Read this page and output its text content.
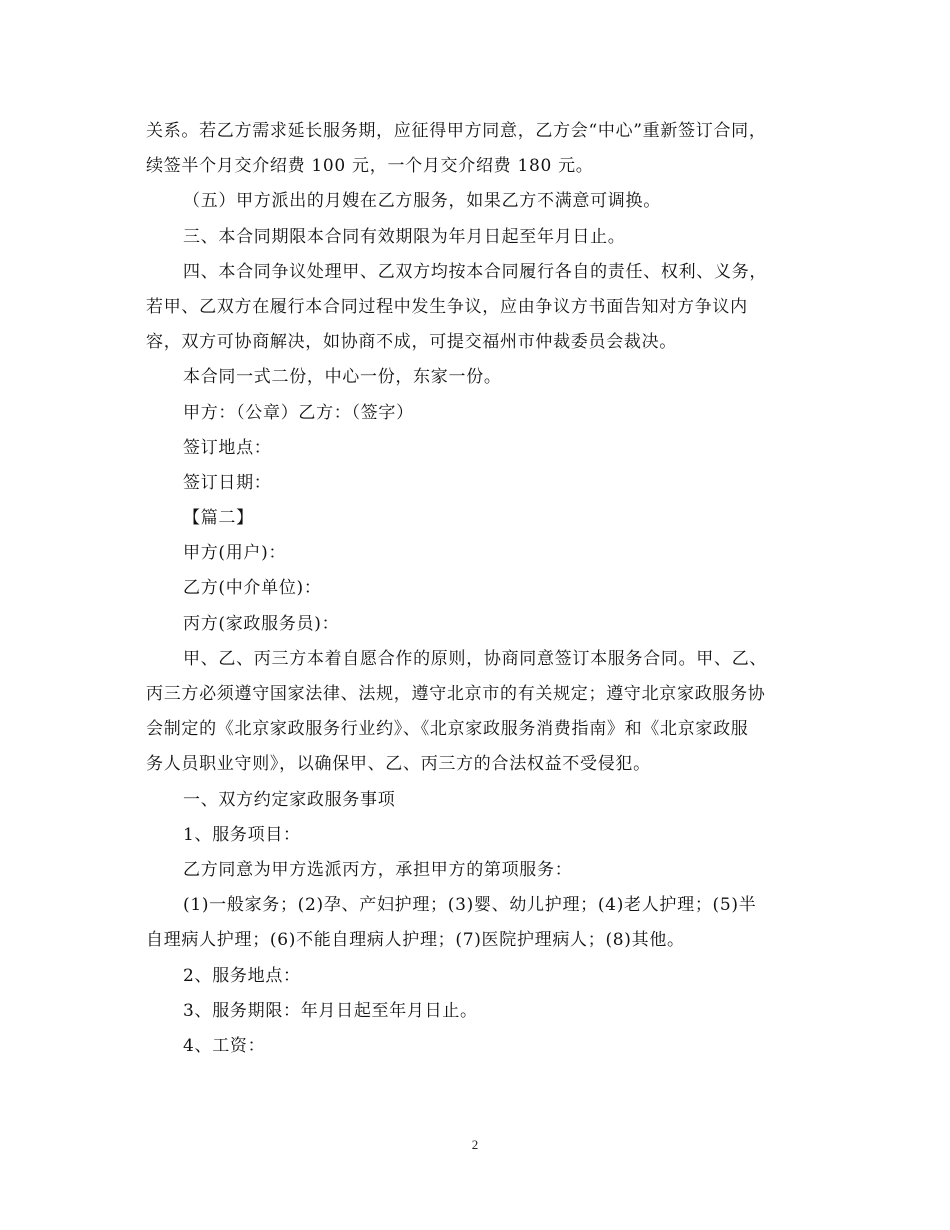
关系。若乙方需求延长服务期，应征得甲方同意，乙方会“中心”重新签订合同，
续签半个月交介绍费 100 元，一个月交介绍费 180 元。
（五）甲方派出的月嫂在乙方服务，如果乙方不满意可调换。
三、本合同期限本合同有效期限为年月日起至年月日止。
四、本合同争议处理甲、乙双方均按本合同履行各自的责任、权利、义务，
若甲、乙双方在履行本合同过程中发生争议，应由争议方书面告知对方争议内
容，双方可协商解决，如协商不成，可提交福州市仲裁委员会裁决。
本合同一式二份，中心一份，东家一份。
甲方：（公章）乙方：（签字）
签订地点：
签订日期：
【篇二】
甲方(用户)：
乙方(中介单位)：
丙方(家政服务员)：
甲、乙、丙三方本着自愿合作的原则，协商同意签订本服务合同。甲、乙、
丙三方必须遵守国家法律、法规，遵守北京市的有关规定；遵守北京家政服务协
会制定的《北京家政服务行业约》、《北京家政服务消费指南》和《北京家政服
务人员职业守则》，以确保甲、乙、丙三方的合法权益不受侵犯。
一、双方约定家政服务事项
1、服务项目：
乙方同意为甲方选派丙方，承担甲方的第项服务：
(1)一般家务；(2)孕、产妇护理；(3)婴、幼儿护理；(4)老人护理；(5)半
自理病人护理；(6)不能自理病人护理；(7)医院护理病人；(8)其他。
2、服务地点：
3、服务期限：年月日起至年月日止。
4、工资：
2
